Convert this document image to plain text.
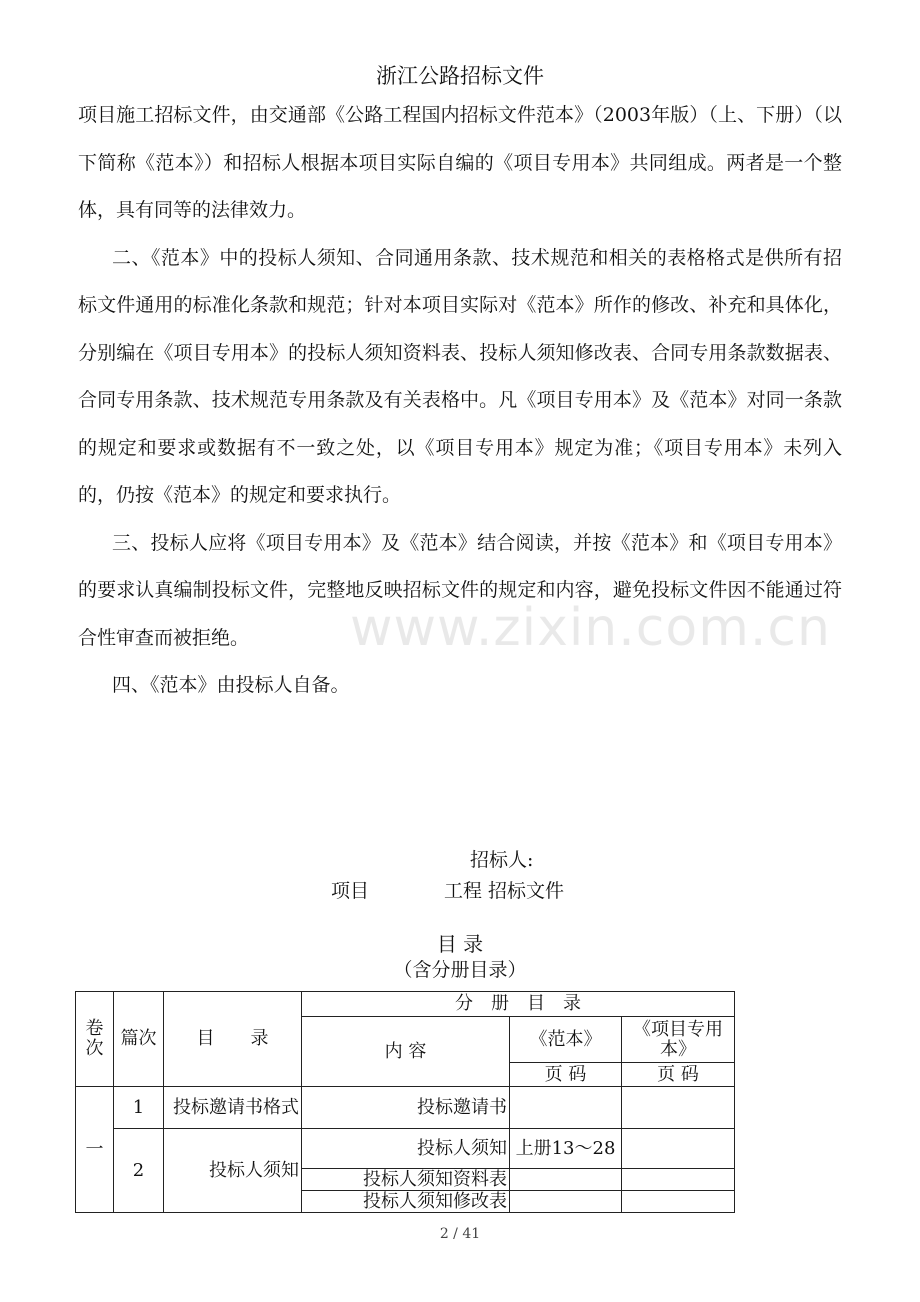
浙江公路招标文件

项目施工招标文件，由交通部《公路工程国内招标文件范本》（2003年版）（上、下册）（以下简称《范本》）和招标人根据本项目实际自编的《项目专用本》共同组成。两者是一个整体，具有同等的法律效力。

二、《范本》中的投标人须知、合同通用条款、技术规范和相关的表格格式是供所有招标文件通用的标准化条款和规范；针对本项目实际对《范本》所作的修改、补充和具体化，分别编在《项目专用本》的投标人须知资料表、投标人须知修改表、合同专用条款数据表、合同专用条款、技术规范专用条款及有关表格中。凡《项目专用本》及《范本》对同一条款的规定和要求或数据有不一致之处，以《项目专用本》规定为准；《项目专用本》未列入的，仍按《范本》的规定和要求执行。

三、投标人应将《项目专用本》及《范本》结合阅读，并按《范本》和《项目专用本》的要求认真编制投标文件，完整地反映招标文件的规定和内容，避免投标文件因不能通过符合性审查而被拒绝。

四、《范本》由投标人自备。

www.zixin.com.cn
招标人:
项目	工程 招标文件
目 录
（含分册目录）
卷次	篇次	目　　录	分　册　目　录		
			内 容	《范本》	《项目专用本》
				页 码	页 码
一	1	投标邀请书格式	投标邀请书		
	2	投标人须知	投标人须知	上册13～28	
			投标人须知资料表		
			投标人须知修改表		
2 / 41
